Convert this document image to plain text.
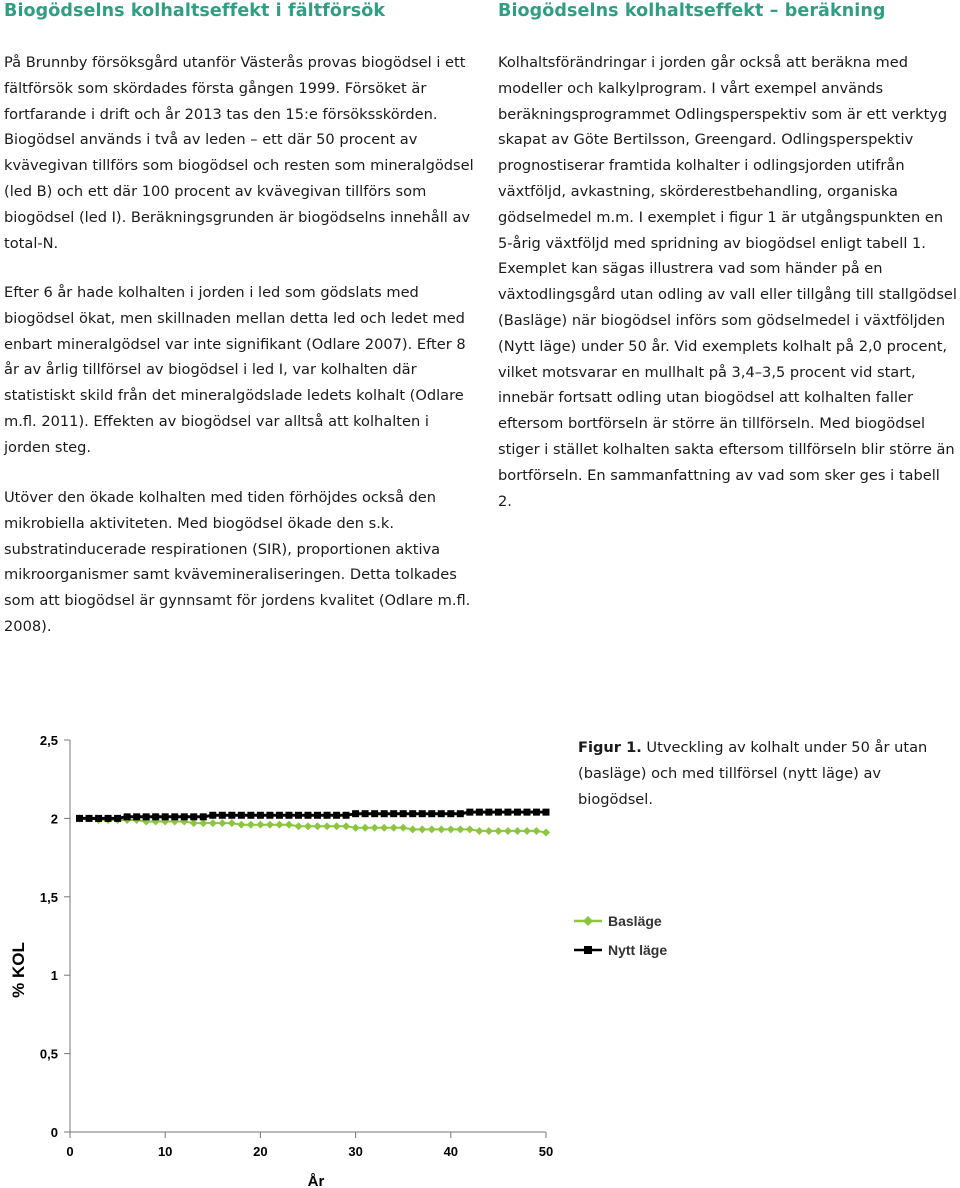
Biogödselns kolhaltseffekt i fältförsök

På Brunnby försöksgård utanför Västerås provas biogödsel i ett fältförsök som skördades första gången 1999. Försöket är fortfarande i drift och år 2013 tas den 15:e försöksskörden. Biogödsel används i två av leden – ett där 50 procent av kvävegivan tillförs som biogödsel och resten som mineralgödsel (led B) och ett där 100 procent av kvävegivan tillförs som biogödsel (led I). Beräkningsgrunden är biogödselns innehåll av total-N.

Efter 6 år hade kolhalten i jorden i led som gödslats med biogödsel ökat, men skillnaden mellan detta led och ledet med enbart mineralgödsel var inte signifikant (Odlare 2007). Efter 8 år av årlig tillförsel av biogödsel i led I, var kolhalten där statistiskt skild från det mineralgödslade ledets kolhalt (Odlare m.fl. 2011). Effekten av biogödsel var alltså att kolhalten i jorden steg.

Utöver den ökade kolhalten med tiden förhöjdes också den mikrobiella aktiviteten. Med biogödsel ökade den s.k. substratinducerade respirationen (SIR), proportionen aktiva mikroorganismer samt kvävemineraliseringen. Detta tolkades som att biogödsel är gynnsamt för jordens kvalitet (Odlare m.fl. 2008).

Biogödselns kolhaltseffekt – beräkning

Kolhaltsförändringar i jorden går också att beräkna med modeller och kalkylprogram. I vårt exempel används beräkningsprogrammet Odlingsperspektiv som är ett verktyg skapat av Göte Bertilsson, Greengard. Odlingsperspektiv prognostiserar framtida kolhalter i odlingsjorden utifrån växtföljd, avkastning, skörderestbehandling, organiska gödselmedel m.m. I exemplet i figur 1 är utgångspunkten en 5-årig växtföljd med spridning av biogödsel enligt tabell 1. Exemplet kan sägas illustrera vad som händer på en växtodlingsgård utan odling av vall eller tillgång till stallgödsel (Basläge) när biogödsel införs som gödselmedel i växtföljden (Nytt läge) under 50 år. Vid exemplets kolhalt på 2,0 procent, vilket motsvarar en mullhalt på 3,4–3,5 procent vid start, innebär fortsatt odling utan biogödsel att kolhalten faller eftersom bortförseln är större än tillförseln. Med biogödsel stiger i stället kolhalten sakta eftersom tillförseln blir större än bortförseln. En sammanfattning av vad som sker ges i tabell 2.

Figur 1. Utveckling av kolhalt under 50 år utan (basläge) och med tillförsel (nytt läge) av biogödsel.

% KOL
År
0
0,5
1
1,5
2
2,5
0	10	20	30	40	50
Basläge
Nytt läge
